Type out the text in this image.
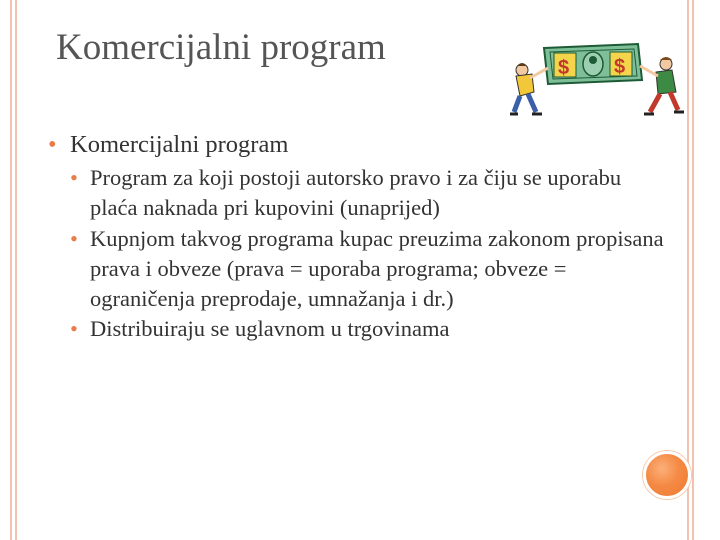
Komercijalni program	$ $
• Komercijalni program
• Program za koji postoji autorsko pravo i za čiju se uporabu plaća naknada pri kupovini (unaprijed)
• Kupnjom takvog programa kupac preuzima zakonom propisana prava i obveze (prava = uporaba programa; obveze = ograničenja preprodaje, umnažanja i dr.)
• Distribuiraju se uglavnom u trgovinama
